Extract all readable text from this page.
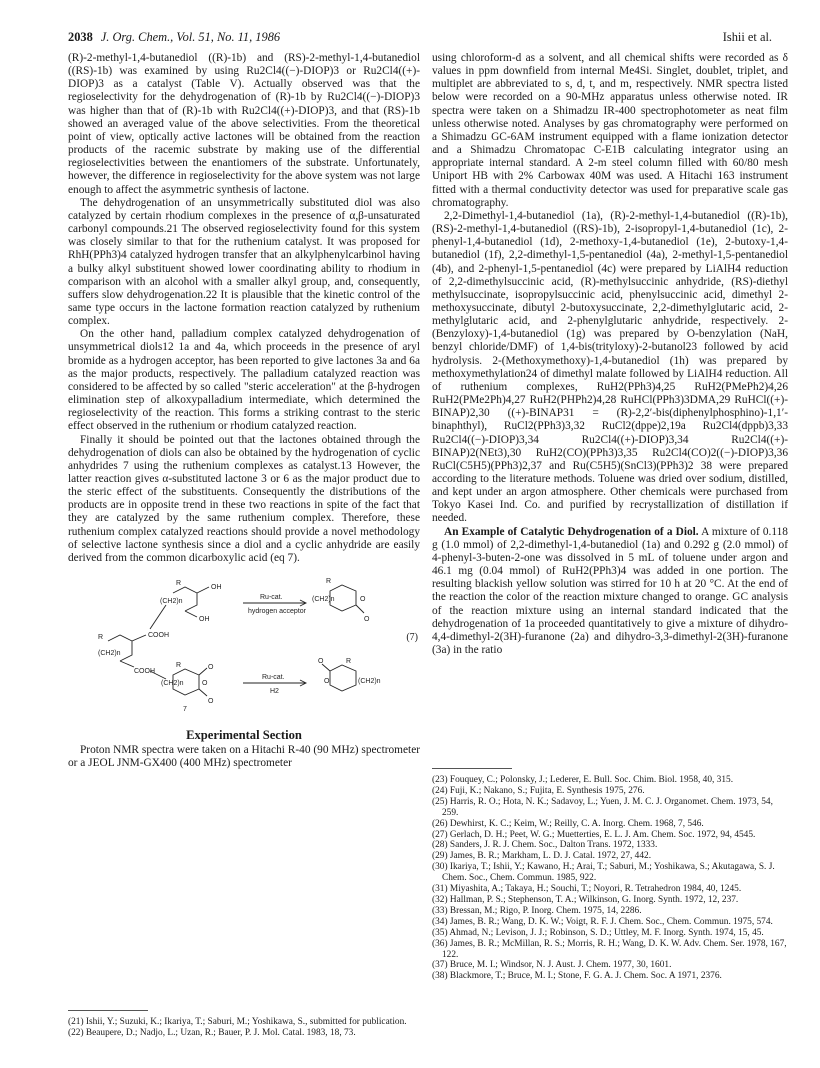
2038 J. Org. Chem., Vol. 51, No. 11, 1986	Ishii et al.

(R)-2-methyl-1,4-butanediol ((R)-1b) and (RS)-2-methyl-1,4-butanediol ((RS)-1b) was examined by using Ru2Cl4((−)-DIOP)3 or Ru2Cl4((+)-DIOP)3 as a catalyst (Table V). Actually observed was that the regioselectivity for the dehydrogenation of (R)-1b by Ru2Cl4((−)-DIOP)3 was higher than that of (R)-1b with Ru2Cl4((+)-DIOP)3, and that (RS)-1b showed an averaged value of the above selectivities. From the theoretical point of view, optically active lactones will be obtained from the reaction products of the racemic substrate by making use of the differential regioselectivities between the enantiomers of the substrate. Unfortunately, however, the difference in regioselectivity for the above system was not large enough to affect the asymmetric synthesis of lactone.

The dehydrogenation of an unsymmetrically substituted diol was also catalyzed by certain rhodium complexes in the presence of α,β-unsaturated carbonyl compounds.21 The observed regioselectivity found for this system was closely similar to that for the ruthenium catalyst. It was proposed for RhH(PPh3)4 catalyzed hydrogen transfer that an alkylphenylcarbinol having a bulky alkyl substituent showed lower coordinating ability to rhodium in comparison with an alcohol with a smaller alkyl group, and, consequently, suffers slow dehydrogenation.22 It is plausible that the kinetic control of the same type occurs in the lactone formation reaction catalyzed by ruthenium complex.

On the other hand, palladium complex catalyzed dehydrogenation of unsymmetrical diols12 1a and 4a, which proceeds in the presence of aryl bromide as a hydrogen acceptor, has been reported to give lactones 3a and 6a as the major products, respectively. The palladium catalyzed reaction was considered to be affected by so called "steric acceleration" at the β-hydrogen elimination step of alkoxypalladium intermediate, which determined the regioselectivity of the reaction. This forms a striking contrast to the steric effect observed in the ruthenium or rhodium catalyzed reaction.

Finally it should be pointed out that the lactones obtained through the dehydrogenation of diols can also be obtained by the hydrogenation of cyclic anhydrides 7 using the ruthenium complexes as catalyst.13 However, the latter reaction gives α-substituted lactone 3 or 6 as the major product due to the steric effect of the substituents. Consequently the distributions of the products are in opposite trend in these two reactions in spite of the fact that they are catalyzed by the same ruthenium complex. Therefore, these ruthenium complex catalyzed reactions should provide a novel methodology of selective lactone synthesis since a diol and a cyclic anhydride are easily derived from the common dicarboxylic acid (eq 7).

R	COOH
(CH2)n
COOH
R
OH
(CH2)n
OH
Ru-cat.
hydrogen acceptor
R
(CH2)n	O
O
R
(CH2)n
O
O
O
7
Ru-cat.
H2
R
(CH2)n
O
O
(7)
Experimental Section

Proton NMR spectra were taken on a Hitachi R-40 (90 MHz) spectrometer or a JEOL JNM-GX400 (400 MHz) spectrometer

(21) Ishii, Y.; Suzuki, K.; Ikariya, T.; Saburi, M.; Yoshikawa, S., submitted for publication.
(22) Beaupere, D.; Nadjo, L.; Uzan, R.; Bauer, P. J. Mol. Catal. 1983, 18, 73.

using chloroform-d as a solvent, and all chemical shifts were recorded as δ values in ppm downfield from internal Me4Si. Singlet, doublet, triplet, and multiplet are abbreviated to s, d, t, and m, respectively. NMR spectra listed below were recorded on a 90-MHz apparatus unless otherwise noted. IR spectra were taken on a Shimadzu IR-400 spectrophotometer as neat film unless otherwise noted. Analyses by gas chromatography were performed on a Shimadzu GC-6AM instrument equipped with a flame ionization detector and a Shimadzu Chromatopac C-E1B calculating integrator using an appropriate internal standard. A 2-m steel column filled with 60/80 mesh Uniport HB with 2% Carbowax 40M was used. A Hitachi 163 instrument fitted with a thermal conductivity detector was used for preparative scale gas chromatography.

2,2-Dimethyl-1,4-butanediol (1a), (R)-2-methyl-1,4-butanediol ((R)-1b), (RS)-2-methyl-1,4-butanediol ((RS)-1b), 2-isopropyl-1,4-butanediol (1c), 2-phenyl-1,4-butanediol (1d), 2-methoxy-1,4-butanediol (1e), 2-butoxy-1,4-butanediol (1f), 2,2-dimethyl-1,5-pentanediol (4a), 2-methyl-1,5-pentanediol (4b), and 2-phenyl-1,5-pentanediol (4c) were prepared by LiAlH4 reduction of 2,2-dimethylsuccinic acid, (R)-methylsuccinic anhydride, (RS)-diethyl methylsuccinate, isopropylsuccinic acid, phenylsuccinic acid, dimethyl 2-methoxysuccinate, dibutyl 2-butoxysuccinate, 2,2-dimethylglutaric acid, 2-methylglutaric acid, and 2-phenylglutaric anhydride, respectively. 2-(Benzyloxy)-1,4-butanediol (1g) was prepared by O-benzylation (NaH, benzyl chloride/DMF) of 1,4-bis(trityloxy)-2-butanol23 followed by acid hydrolysis. 2-(Methoxymethoxy)-1,4-butanediol (1h) was prepared by methoxymethylation24 of dimethyl malate followed by LiAlH4 reduction. All of ruthenium complexes, RuH2(PPh3)4,25 RuH2(PMePh2)4,26 RuH2(PMe2Ph)4,27 RuH2(PHPh2)4,28 RuHCl(PPh3)3DMA,29 RuHCl((+)-BINAP)2,30 ((+)-BINAP31 = (R)-2,2′-bis(diphenylphosphino)-1,1′-binaphthyl), RuCl2(PPh3)3,32 RuCl2(dppe)2,19a Ru2Cl4(dppb)3,33 Ru2Cl4((−)-DIOP)3,34 Ru2Cl4((+)-DIOP)3,34 Ru2Cl4((+)-BINAP)2(NEt3),30 RuH2(CO)(PPh3)3,35 Ru2Cl4(CO)2((−)-DIOP)3,36 RuCl(C5H5)(PPh3)2,37 and Ru(C5H5)(SnCl3)(PPh3)2 38 were prepared according to the literature methods. Toluene was dried over sodium, distilled, and kept under an argon atmosphere. Other chemicals were purchased from Tokyo Kasei Ind. Co. and purified by recrystallization of distillation if needed.

An Example of Catalytic Dehydrogenation of a Diol. A mixture of 0.118 g (1.0 mmol) of 2,2-dimethyl-1,4-butanediol (1a) and 0.292 g (2.0 mmol) of 4-phenyl-3-buten-2-one was dissolved in 5 mL of toluene under argon and 46.1 mg (0.04 mmol) of RuH2(PPh3)4 was added in one portion. The resulting blackish yellow solution was stirred for 10 h at 20 °C. At the end of the reaction the color of the reaction mixture changed to orange. GC analysis of the reaction mixture using an internal standard indicated that the dehydrogenation of 1a proceeded quantitatively to give a mixture of dihydro-4,4-dimethyl-2(3H)-furanone (2a) and dihydro-3,3-dimethyl-2(3H)-furanone (3a) in the ratio

(23) Fouquey, C.; Polonsky, J.; Lederer, E. Bull. Soc. Chim. Biol. 1958, 40, 315.
(24) Fuji, K.; Nakano, S.; Fujita, E. Synthesis 1975, 276.
(25) Harris, R. O.; Hota, N. K.; Sadavoy, L.; Yuen, J. M. C. J. Organomet. Chem. 1973, 54, 259.
(26) Dewhirst, K. C.; Keim, W.; Reilly, C. A. Inorg. Chem. 1968, 7, 546.
(27) Gerlach, D. H.; Peet, W. G.; Muetterties, E. L. J. Am. Chem. Soc. 1972, 94, 4545.
(28) Sanders, J. R. J. Chem. Soc., Dalton Trans. 1972, 1333.
(29) James, B. R.; Markham, L. D. J. Catal. 1972, 27, 442.
(30) Ikariya, T.; Ishii, Y.; Kawano, H.; Arai, T.; Saburi, M.; Yoshikawa, S.; Akutagawa, S. J. Chem. Soc., Chem. Commun. 1985, 922.
(31) Miyashita, A.; Takaya, H.; Souchi, T.; Noyori, R. Tetrahedron 1984, 40, 1245.
(32) Hallman, P. S.; Stephenson, T. A.; Wilkinson, G. Inorg. Synth. 1972, 12, 237.
(33) Bressan, M.; Rigo, P. Inorg. Chem. 1975, 14, 2286.
(34) James, B. R.; Wang, D. K. W.; Voigt, R. F. J. Chem. Soc., Chem. Commun. 1975, 574.
(35) Ahmad, N.; Levison, J. J.; Robinson, S. D.; Uttley, M. F. Inorg. Synth. 1974, 15, 45.
(36) James, B. R.; McMillan, R. S.; Morris, R. H.; Wang, D. K. W. Adv. Chem. Ser. 1978, 167, 122.
(37) Bruce, M. I.; Windsor, N. J. Aust. J. Chem. 1977, 30, 1601.
(38) Blackmore, T.; Bruce, M. I.; Stone, F. G. A. J. Chem. Soc. A 1971, 2376.
